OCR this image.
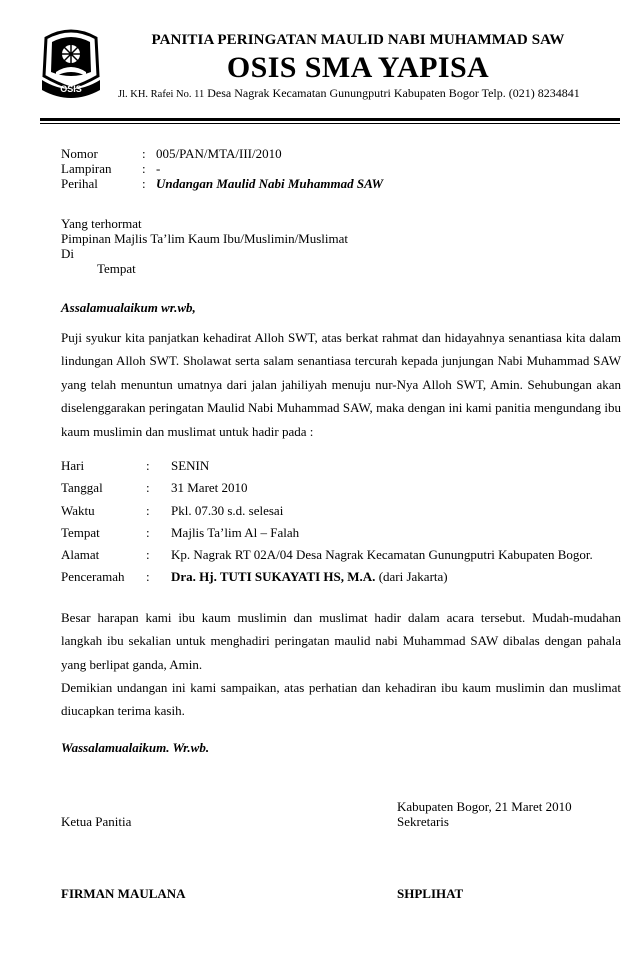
OSIS
PANITIA PERINGATAN MAULID NABI MUHAMMAD SAW
OSIS SMA YAPISA
Jl. KH. Rafei No. 11 Desa Nagrak Kecamatan Gunungputri Kabupaten Bogor Telp. (021) 8234841
Nomor	: 005/PAN/MTA/III/2010
Lampiran : -
Perihal	: Undangan Maulid Nabi Muhammad SAW
Yang terhormat
Pimpinan Majlis Ta’lim Kaum Ibu/Muslimin/Muslimat
Di
Tempat
Assalamualaikum wr.wb,
Puji syukur kita panjatkan kehadirat Alloh SWT, atas berkat rahmat dan hidayahnya senantiasa kita dalam lindungan Alloh SWT. Sholawat serta salam senantiasa tercurah kepada junjungan Nabi Muhammad SAW yang telah menuntun umatnya dari jalan jahiliyah menuju nur-Nya Alloh SWT, Amin. Sehubungan akan diselenggarakan peringatan Maulid Nabi Muhammad SAW, maka dengan ini kami panitia mengundang ibu kaum muslimin dan muslimat untuk hadir pada :
Hari	: SENIN
Tanggal	: 31 Maret 2010
Waktu	: Pkl. 07.30 s.d. selesai
Tempat	: Majlis Ta’lim Al – Falah
Alamat	: Kp. Nagrak RT 02A/04 Desa Nagrak Kecamatan Gunungputri Kabupaten Bogor.
Penceramah : Dra. Hj. TUTI SUKAYATI HS, M.A. (dari Jakarta)
Besar harapan kami ibu kaum muslimin dan muslimat hadir dalam acara tersebut. Mudah-mudahan langkah ibu sekalian untuk menghadiri peringatan maulid nabi Muhammad SAW dibalas dengan pahala yang berlipat ganda, Amin.
Demikian undangan ini kami sampaikan, atas perhatian dan kehadiran ibu kaum muslimin dan muslimat diucapkan terima kasih.
Wassalamualaikum. Wr.wb.
Kabupaten Bogor, 21 Maret 2010
Ketua Panitia	Sekretaris
FIRMAN MAULANA	SHPLIHAT
